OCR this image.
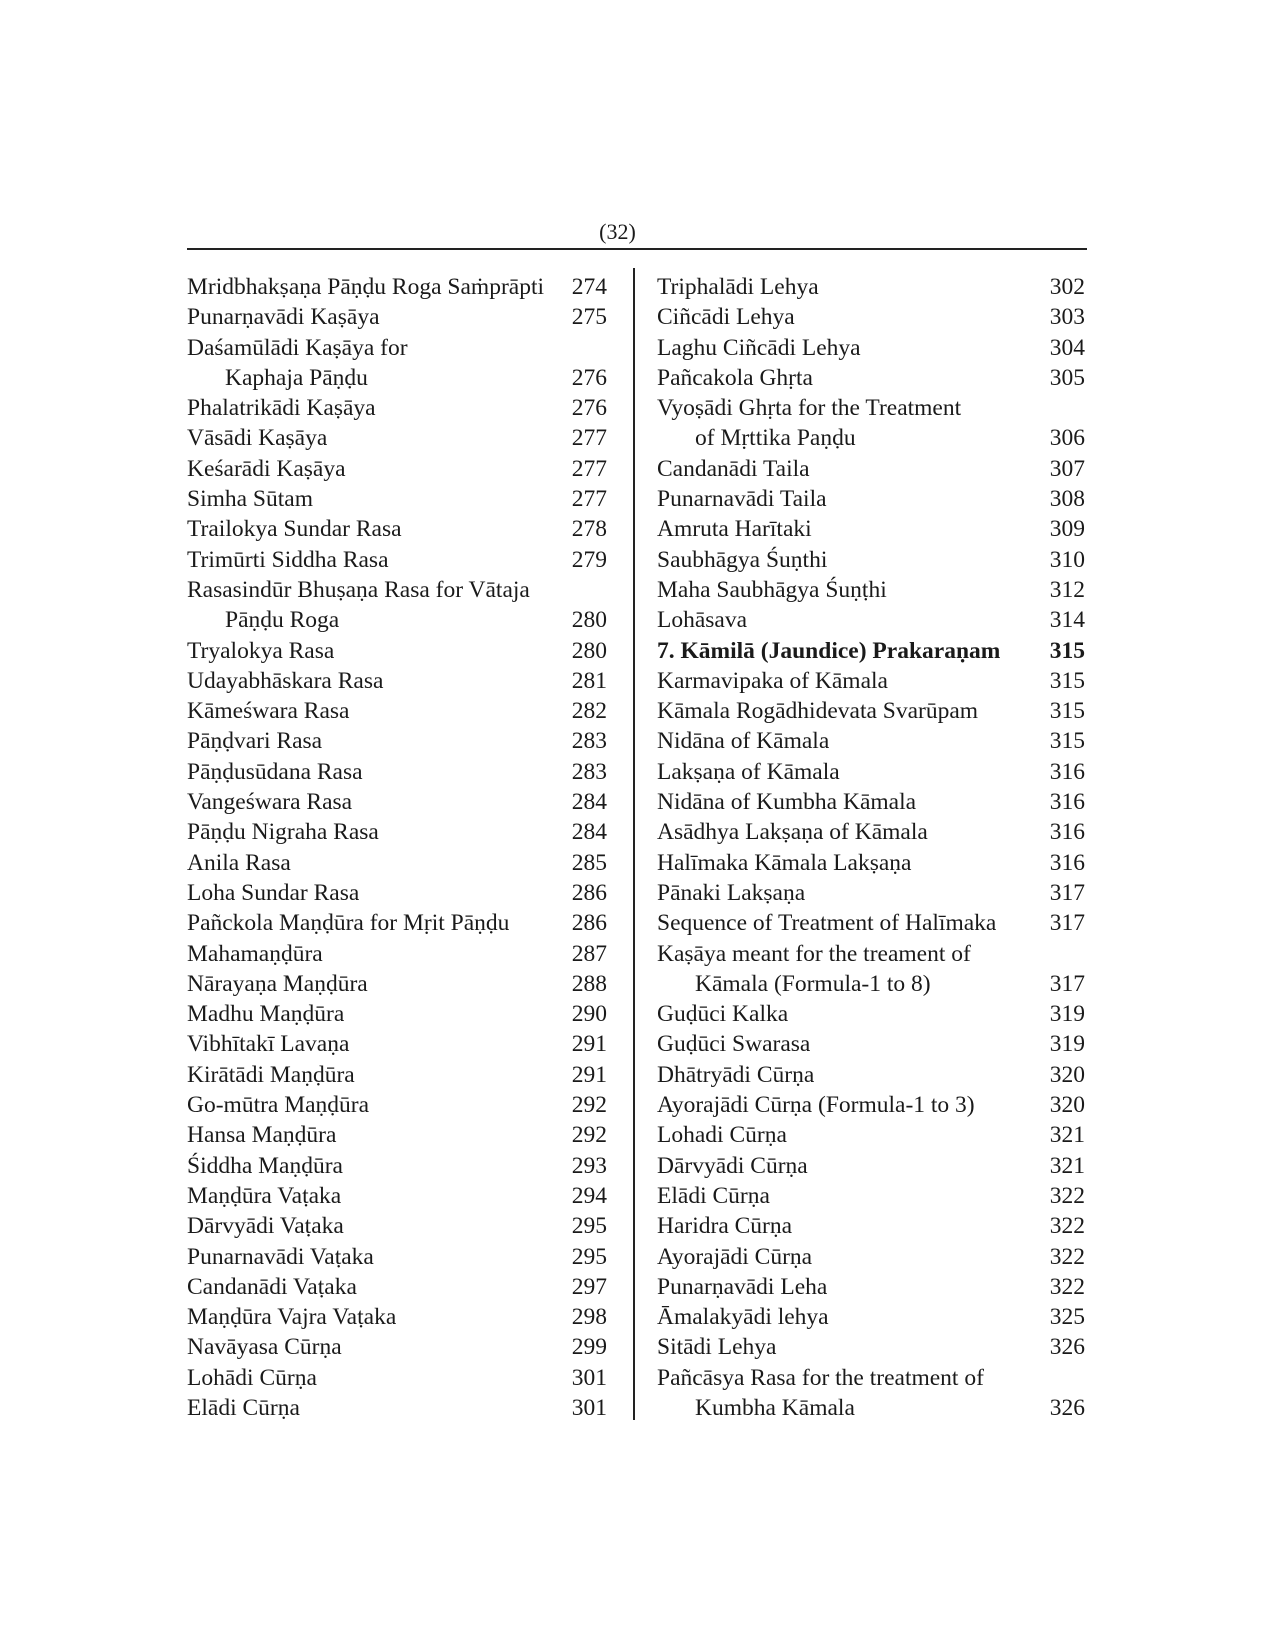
(32)
Mridbhakṣaṇa Pāṇḍu Roga Saṁprāpti	274
Punarṇavādi Kaṣāya	275
Daśamūlādi Kaṣāya for
Kaphaja Pāṇḍu	276
Phalatrikādi Kaṣāya	276
Vāsādi Kaṣāya	277
Keśarādi Kaṣāya	277
Simha Sūtam	277
Trailokya Sundar Rasa	278
Trimūrti Siddha Rasa	279
Rasasindūr Bhuṣaṇa Rasa for Vātaja
Pāṇḍu Roga	280
Tryalokya Rasa	280
Udayabhāskara Rasa	281
Kāmeśwara Rasa	282
Pāṇḍvari Rasa	283
Pāṇḍusūdana Rasa	283
Vangeśwara Rasa	284
Pāṇḍu Nigraha Rasa	284
Anila Rasa	285
Loha Sundar Rasa	286
Pañckola Maṇḍūra for Mṛit Pāṇḍu	286
Mahamaṇḍūra	287
Nārayaṇa Maṇḍūra	288
Madhu Maṇḍūra	290
Vibhītakī Lavaṇa	291
Kirātādi Maṇḍūra	291
Go-mūtra Maṇḍūra	292
Hansa Maṇḍūra	292
Śiddha Maṇḍūra	293
Maṇḍūra Vaṭaka	294
Dārvyādi Vaṭaka	295
Punarnavādi Vaṭaka	295
Candanādi Vaṭaka	297
Maṇḍūra Vajra Vaṭaka	298
Navāyasa Cūrṇa	299
Lohādi Cūrṇa	301
Elādi Cūrṇa	301
Triphalādi Lehya	302
Ciñcādi Lehya	303
Laghu Ciñcādi Lehya	304
Pañcakola Ghṛta	305
Vyoṣādi Ghṛta for the Treatment
of Mṛttika Paṇḍu	306
Candanādi Taila	307
Punarnavādi Taila	308
Amruta Harītaki	309
Saubhāgya Śuṇthi	310
Maha Saubhāgya Śuṇṭhi	312
Lohāsava	314
7. Kāmilā (Jaundice) Prakaraṇam	315
Karmavipaka of Kāmala	315
Kāmala Rogādhidevata Svarūpam	315
Nidāna of Kāmala	315
Lakṣaṇa of Kāmala	316
Nidāna of Kumbha Kāmala	316
Asādhya Lakṣaṇa of Kāmala	316
Halīmaka Kāmala Lakṣaṇa	316
Pānaki Lakṣaṇa	317
Sequence of Treatment of Halīmaka	317
Kaṣāya meant for the treament of
Kāmala (Formula-1 to 8)	317
Guḍūci Kalka	319
Guḍūci Swarasa	319
Dhātryādi Cūrṇa	320
Ayorajādi Cūrṇa (Formula-1 to 3)	320
Lohadi Cūrṇa	321
Dārvyādi Cūrṇa	321
Elādi Cūrṇa	322
Haridra Cūrṇa	322
Ayorajādi Cūrṇa	322
Punarṇavādi Leha	322
Āmalakyādi lehya	325
Sitādi Lehya	326
Pañcāsya Rasa for the treatment of
Kumbha Kāmala	326
